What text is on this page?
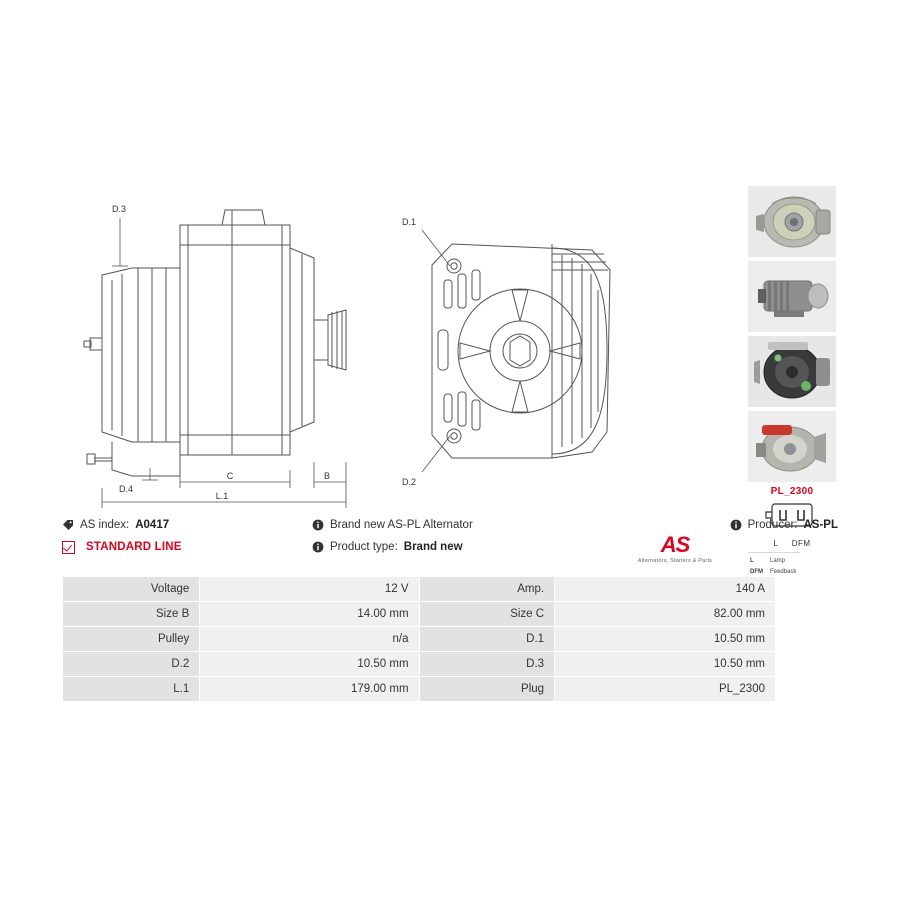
D.3
D.4
C	B
L.1
D.1
D.2
PL_2300
L DFM
L	Lamp
DFM	Feedback
AS index: A0417
STANDARD LINE
Brand new AS-PL Alternator
Product type: Brand new
Producer: AS-PL
AS
Alternators, Starters & Parts
Voltage	12 V	Amp.	140 A
Size B	14.00 mm	Size C	82.00 mm
Pulley	n/a	D.1	10.50 mm
D.2	10.50 mm	D.3	10.50 mm
L.1	179.00 mm	Plug	PL_2300
